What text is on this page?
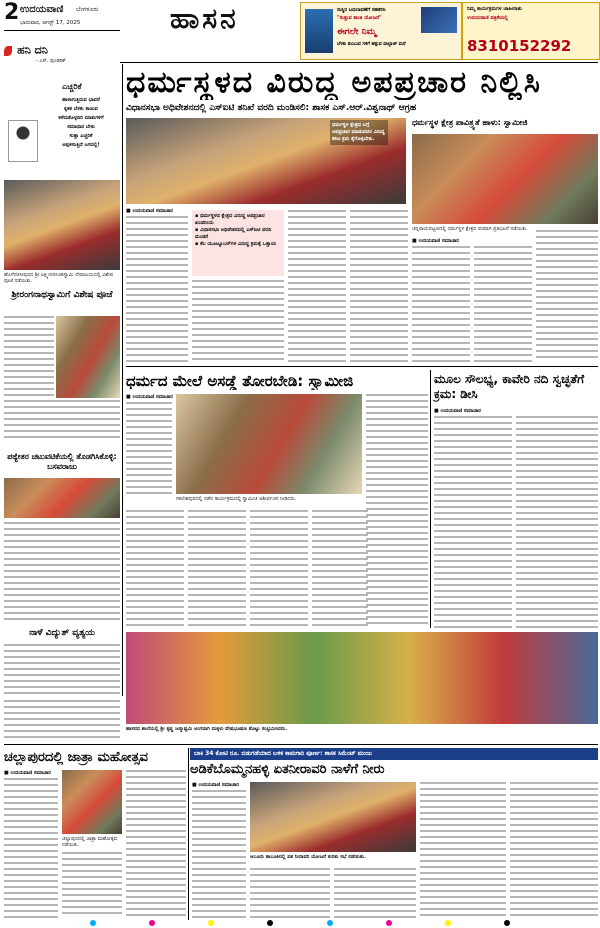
2 ಉದಯವಾಣಿ ಬೆಂಗಳೂರು
ಭಾನುವಾರ, ಆಗಸ್ಟ್ 17, 2025	ಹಾಸನ	ಸುಸ್ಥಿರ ಬದಲಾವಣೆಗೆ ಸಹಕರಿಸಿ
"ಸುತ್ತುವ ಕಾಂತಿ ಯೋಜನೆ"
ಈಗಲೇ ನಿಮ್ಮ
ಬೆಳಕು ತುಂಬುವ ಗಳಿಗೆ ಹತ್ತುವ ವಾಲ್ಟಾಜ್ ಮನೆ
ನಿಮ್ಮ ಕಾರ್ಯಕ್ರಮಗಳ ಜಾಹೀರಾತು
ಉದಯವಾಣಿ ಪತ್ರಿಕೆಯಲ್ಲಿ
8310152292
ಹನಿ ದನಿ
- ಎಸ್. ಪುಂಡರಿಕ್
ಎಚ್ಚರಿಕೆ
ಹಾಳಾಗುತ್ತಿರುವ ಭಾವನೆ
ಕೃತಕ ಬೆಳಕು ಕಾಣುವ
ಕಳೆದುಕೊಳ್ಳದಿರಿ ಮಾತುಗಳಿಗೆ
ಸಮಾಧಾನ ಬೇಕು
ಸುತ್ತಾ ಎಚ್ಚರಿಕೆ
ಅಪ್ಪಳಿಸುತ್ತಿದೆ ಜಗದಲ್ಲಿ!
ಹೊಳೆನರಸೀಪುರದ ಶ್ರೀ ಲಕ್ಷ್ಮೀನರಸಿಂಹಸ್ವಾಮಿ ದೇವಾಲಯದಲ್ಲಿ ವಿಶೇಷ ಪೂಜೆ ನಡೆಯಿತು.
ಶ್ರೀರಂಗನಾಥಸ್ವಾಮಿಗೆ ವಿಶೇಷ ಪೂಜೆ
ಪಠ್ಯೇತರ ಚಟುವಟಿಕೆಯಲ್ಲಿ ತೊಡಗಿಸಿಕೊಳ್ಳಿ: ಬಸವರಾಜು
ನಾಳೆ ವಿದ್ಯುತ್ ವ್ಯತ್ಯಯ
ಧರ್ಮಸ್ಥಳದ ವಿರುದ್ಧ ಅಪಪ್ರಚಾರ ನಿಲ್ಲಿಸಿ
ವಿಧಾನಸಭಾ ಅಧಿವೇಶನದಲ್ಲಿ ಎಸ್‌ಐಟಿ ತನಿಖೆ ವರದಿ ಮಂಡಿಸಲಿ: ಶಾಸಕ ಎಸ್.ಆರ್.ವಿಶ್ವನಾಥ್ ಆಗ್ರಹ
ಧರ್ಮಸ್ಥಳ ಕ್ಷೇತ್ರದ ಬಗ್ಗೆ ಅಪಪ್ರಚಾರ ಮಾಡುವವರ ವಿರುದ್ಧ ಕಠಿಣ ಕ್ರಮ ಕೈಗೊಳ್ಳಬೇಕು.
ಧರ್ಮಸ್ಥಳ ಕ್ಷೇತ್ರ ಪಾವಿತ್ರ್ಯತೆ ಹಾಳು: ಸ್ವಾಮೀಜಿ
ಚನ್ನರಾಯಪಟ್ಟಣದಲ್ಲಿ ಧರ್ಮಸ್ಥಳ ಕ್ಷೇತ್ರದ ಪರವಾಗಿ ಪ್ರತಿಭಟನೆ ನಡೆಯಿತು.
■ ಉದಯವಾಣಿ ಸಮಾಚಾರ
▪ ಧರ್ಮಸ್ಥಳದ ಕ್ಷೇತ್ರದ ವಿರುದ್ಧ ಅಪಪ್ರಚಾರ ಖಂಡನೀಯ
▪ ವಿಧಾನಸಭಾ ಅಧಿವೇಶನದಲ್ಲಿ ಎಸ್‌ಐಟಿ ವರದಿ ಮಂಡನೆ
▪ ಕೆಲ ಯೂಟ್ಯೂಬರ್‌ಗಳ ವಿರುದ್ಧ ಕ್ರಮಕ್ಕೆ ಒತ್ತಾಯ	■ ಉದಯವಾಣಿ ಸಮಾಚಾರ
ಧರ್ಮದ ಮೇಲೆ ಅಸಡ್ಡೆ ತೋರಬೇಡಿ: ಸ್ವಾಮೀಜಿ
■ ಉದಯವಾಣಿ ಸಮಾಚಾರ
ಸಕಲೇಶಪುರದಲ್ಲಿ ನಡೆದ ಕಾರ್ಯಕ್ರಮದಲ್ಲಿ ಸ್ವಾಮೀಜಿ ಆಶೀರ್ವಚನ ನೀಡಿದರು.
ಮೂಲ ಸೌಲಭ್ಯ, ಕಾವೇರಿ ನದಿ ಸ್ವಚ್ಛತೆಗೆ ಕ್ರಮ: ಡೀಸಿ
■ ಉದಯವಾಣಿ ಸಮಾಚಾರ
ಹಾಸನದ ಶಾಲೆಯಲ್ಲಿ ಶ್ರೀ ಕೃಷ್ಣ ಜನ್ಮಾಷ್ಟಮಿ ಅಂಗವಾಗಿ ಮಕ್ಕಳು ವೇಷಭೂಷಣ ತೊಟ್ಟು ಸಂಭ್ರಮಿಸಿದರು.
ಚಲ್ಲಾಪುರದಲ್ಲಿ ಜಾತ್ರಾ ಮಹೋತ್ಸವ	ಬಾಕಿ 34 ಕೋಟಿ ರೂ. ಬಿಡುಗಡೆಯಾದ ಬಳಿಕ ಕಾಮಗಾರಿ ಪೂರ್ಣ: ಶಾಸಕ ಸಿಮೆಂಟ್ ಮಂಜು
ಅಡಿಕೆಬೊಮ್ಮನಹಳ್ಳಿ ಏತನೀರಾವರಿ ನಾಳೆಗೆ ನೀರು
■ ಉದಯವಾಣಿ ಸಮಾಚಾರ
ಚಲ್ಲಾಪುರದಲ್ಲಿ ಜಾತ್ರಾ ಮಹೋತ್ಸವ ನಡೆಯಿತು.
■ ಉದಯವಾಣಿ ಸಮಾಚಾರ
ಆಲೂರು ತಾಲೂಕಿನಲ್ಲಿ ಏತ ನೀರಾವರಿ ಯೋಜನೆ ಕುರಿತು ಸಭೆ ನಡೆಯಿತು.
